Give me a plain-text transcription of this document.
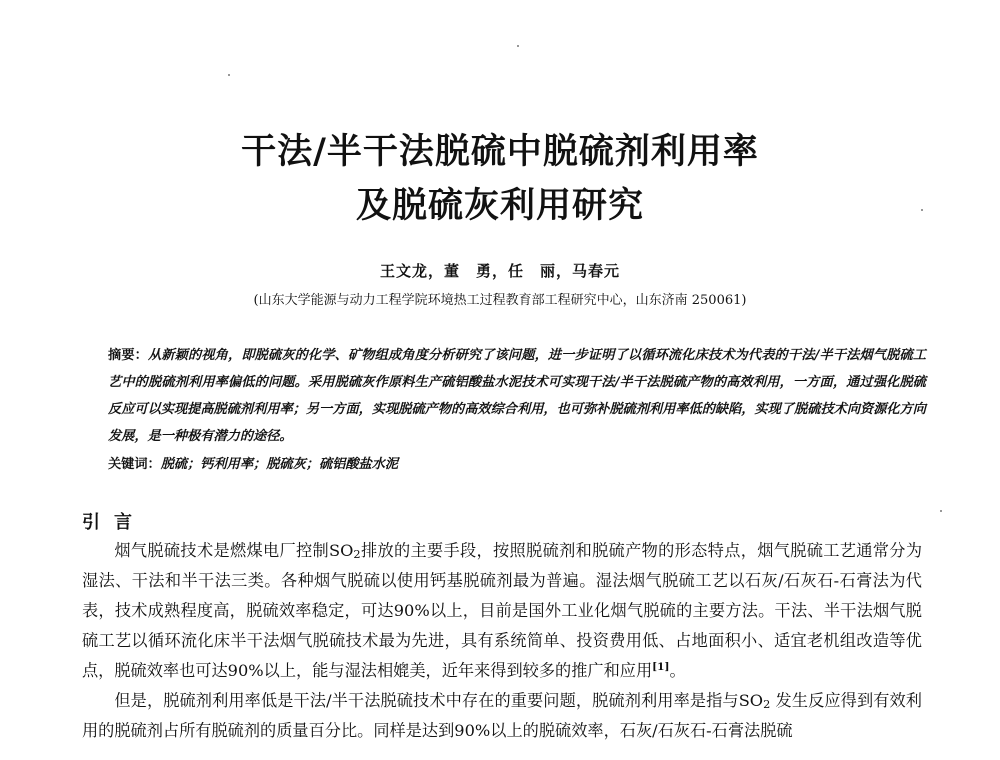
干法/半干法脱硫中脱硫剂利用率
及脱硫灰利用研究
王文龙，董　勇，任　丽，马春元
(山东大学能源与动力工程学院环境热工过程教育部工程研究中心，山东济南 250061)
摘要：从新颖的视角，即脱硫灰的化学、矿物组成角度分析研究了该问题，进一步证明了以循环流化床技术为代表的干法/半干法烟气脱硫工艺中的脱硫剂利用率偏低的问题。采用脱硫灰作原料生产硫铝酸盐水泥技术可实现干法/半干法脱硫产物的高效利用，一方面，通过强化脱硫反应可以实现提高脱硫剂利用率；另一方面，实现脱硫产物的高效综合利用，也可弥补脱硫剂利用率低的缺陷，实现了脱硫技术向资源化方向发展，是一种极有潜力的途径。
关键词：脱硫；钙利用率；脱硫灰；硫铝酸盐水泥
引言

烟气脱硫技术是燃煤电厂控制$SO_2$排放的主要手段，按照脱硫剂和脱硫产物的形态特点，烟气脱硫工艺通常分为湿法、干法和半干法三类。各种烟气脱硫以使用钙基脱硫剂最为普遍。湿法烟气脱硫工艺以石灰/石灰石-石膏法为代表，技术成熟程度高，脱硫效率稳定，可达90%以上，目前是国外工业化烟气脱硫的主要方法。干法、半干法烟气脱硫工艺以循环流化床半干法烟气脱硫技术最为先进，具有系统简单、投资费用低、占地面积小、适宜老机组改造等优点，脱硫效率也可达90%以上，能与湿法相媲美，近年来得到较多的推广和应用[1]。

但是，脱硫剂利用率低是干法/半干法脱硫技术中存在的重要问题，脱硫剂利用率是指与$SO_2$ 发生反应得到有效利用的脱硫剂占所有脱硫剂的质量百分比。同样是达到90%以上的脱硫效率，石灰/石灰石-石膏法脱硫
